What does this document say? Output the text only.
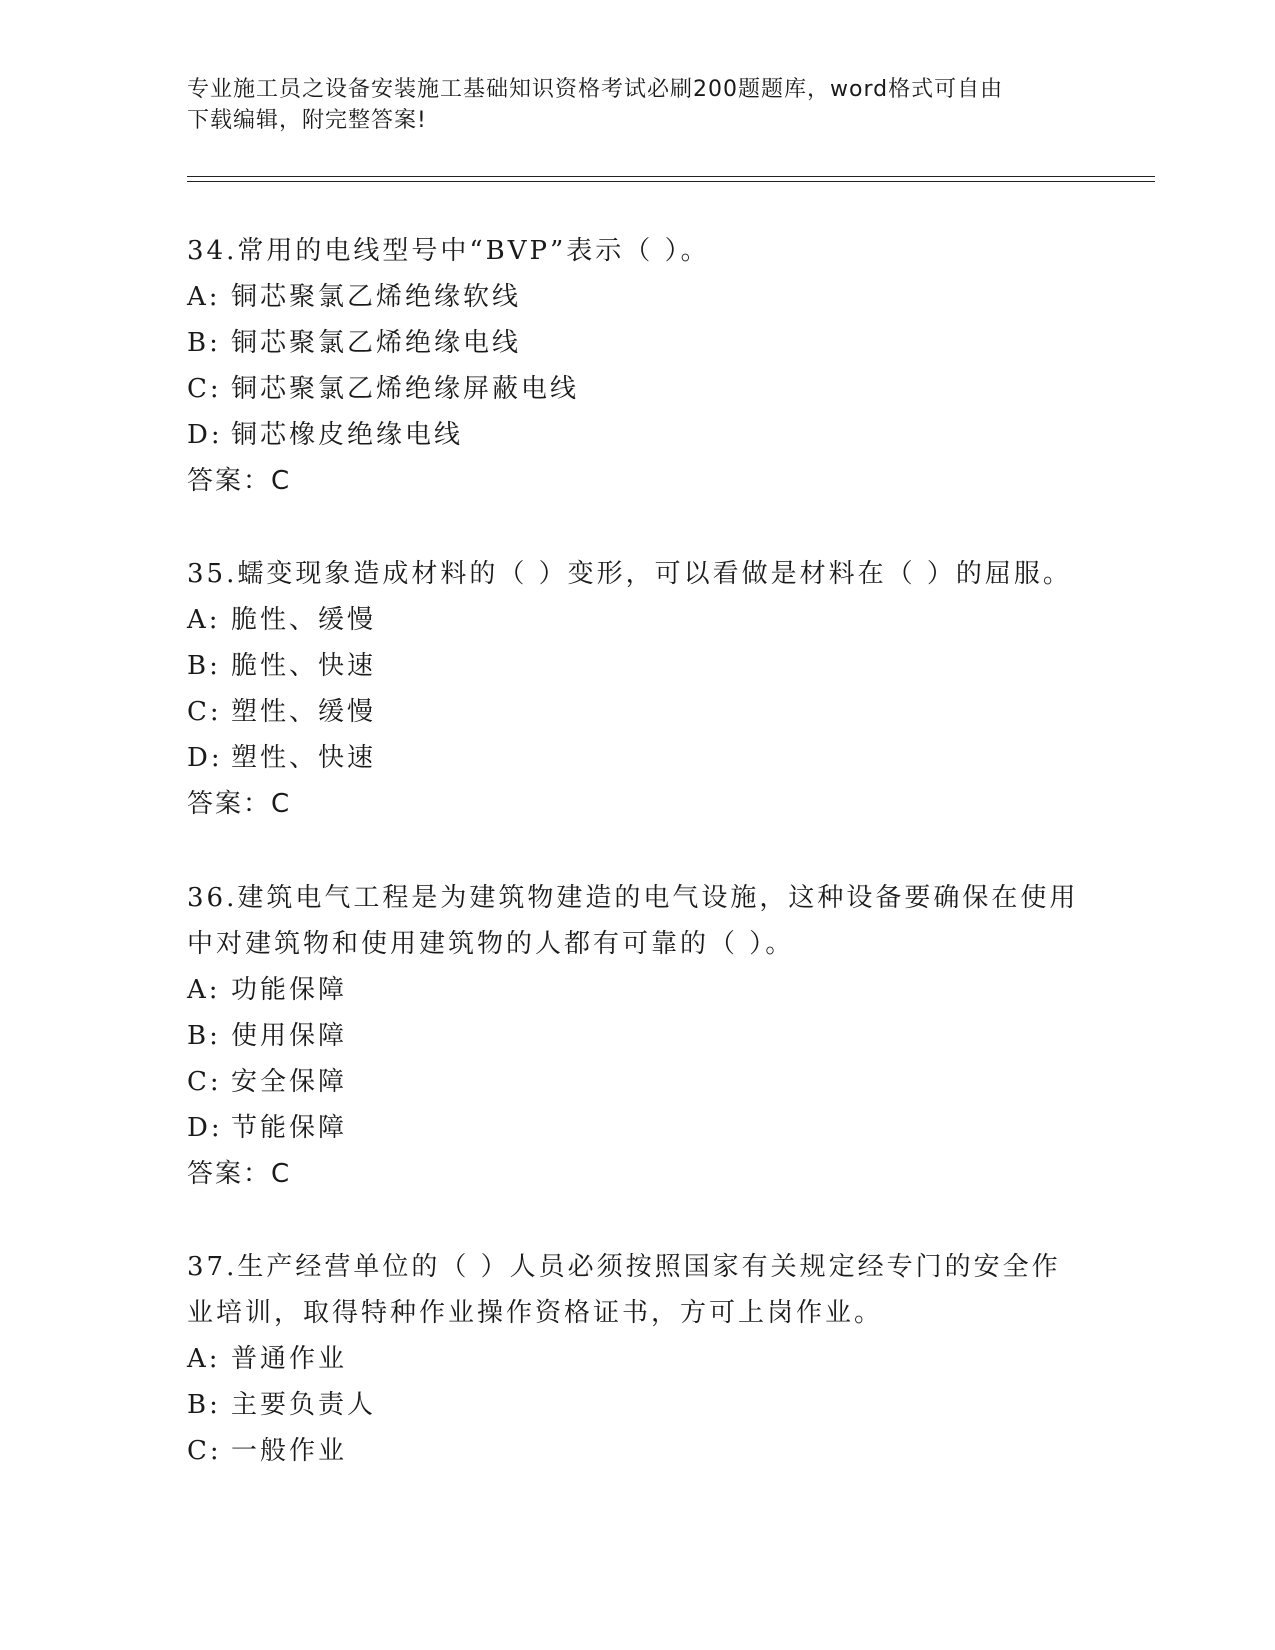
专业施工员之设备安装施工基础知识资格考试必刷200题题库，word格式可自由
下载编辑，附完整答案!
34.常用的电线型号中“BVP”表示（ ）。
A: 铜芯聚氯乙烯绝缘软线
B: 铜芯聚氯乙烯绝缘电线
C: 铜芯聚氯乙烯绝缘屏蔽电线
D: 铜芯橡皮绝缘电线
答案：C
35.蠕变现象造成材料的（ ）变形，可以看做是材料在（ ）的屈服。
A: 脆性、缓慢
B: 脆性、快速
C: 塑性、缓慢
D: 塑性、快速
答案：C
36.建筑电气工程是为建筑物建造的电气设施，这种设备要确保在使用
中对建筑物和使用建筑物的人都有可靠的（ ）。
A: 功能保障
B: 使用保障
C: 安全保障
D: 节能保障
答案：C
37.生产经营单位的（ ）人员必须按照国家有关规定经专门的安全作
业培训，取得特种作业操作资格证书，方可上岗作业。
A: 普通作业
B: 主要负责人
C: 一般作业
